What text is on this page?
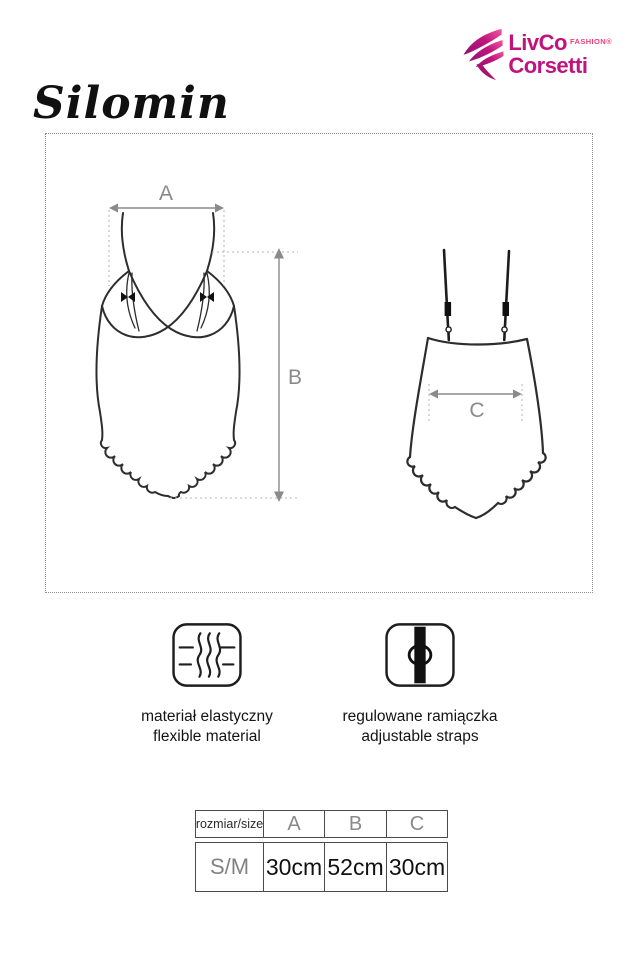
LivCo FASHION®
Corsetti
Silomin
A
B
C

materiał elastyczny
flexible material

regulowane ramiączka
adjustable straps

rozmiar/size	A	B	C
S/M 30cm 52cm 30cm
